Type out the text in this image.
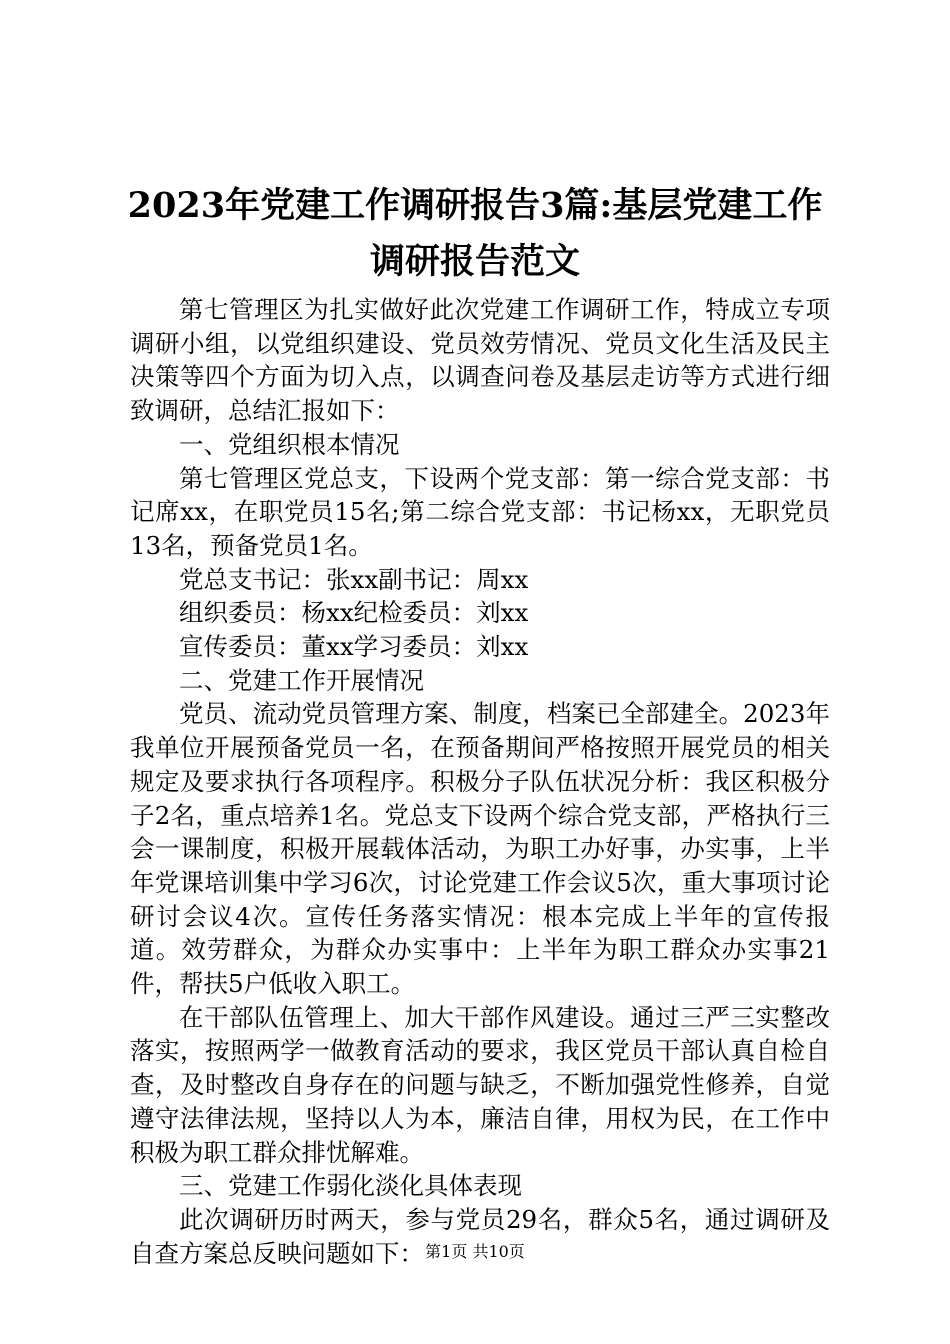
2023年党建工作调研报告3篇:基层党建工作
调研报告范文

第七管理区为扎实做好此次党建工作调研工作，特成立专项调研小组，以党组织建设、党员效劳情况、党员文化生活及民主决策等四个方面为切入点，以调查问卷及基层走访等方式进行细致调研，总结汇报如下：

一、党组织根本情况

第七管理区党总支，下设两个党支部：第一综合党支部：书记席xx，在职党员15名;第二综合党支部：书记杨xx，无职党员13名，预备党员1名。

党总支书记：张xx副书记：周xx

组织委员：杨xx纪检委员：刘xx

宣传委员：董xx学习委员：刘xx

二、党建工作开展情况

党员、流动党员管理方案、制度，档案已全部建全。2023年我单位开展预备党员一名，在预备期间严格按照开展党员的相关规定及要求执行各项程序。积极分子队伍状况分析：我区积极分子2名，重点培养1名。党总支下设两个综合党支部，严格执行三会一课制度，积极开展载体活动，为职工办好事，办实事，上半年党课培训集中学习6次，讨论党建工作会议5次，重大事项讨论研讨会议4次。宣传任务落实情况：根本完成上半年的宣传报道。效劳群众，为群众办实事中：上半年为职工群众办实事21件，帮扶5户低收入职工。

在干部队伍管理上、加大干部作风建设。通过三严三实整改落实，按照两学一做教育活动的要求，我区党员干部认真自检自查，及时整改自身存在的问题与缺乏，不断加强党性修养，自觉遵守法律法规，坚持以人为本，廉洁自律，用权为民，在工作中积极为职工群众排忧解难。

三、党建工作弱化淡化具体表现

此次调研历时两天，参与党员29名，群众5名，通过调研及自查方案总反映问题如下： 第1页 共10页
